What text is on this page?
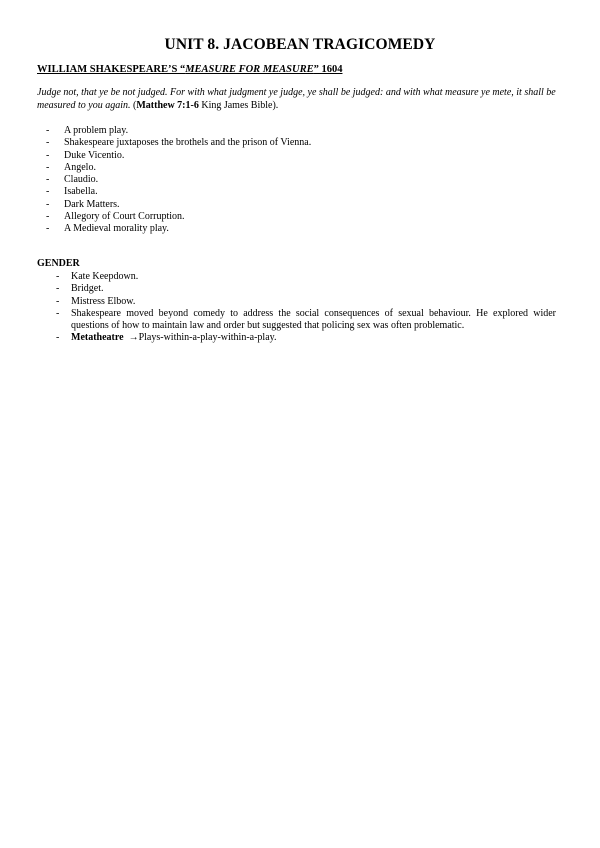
UNIT 8. JACOBEAN TRAGICOMEDY
WILLIAM SHAKESPEARE’S “MEASURE FOR MEASURE” 1604
Judge not, that ye be not judged. For with what judgment ye judge, ye shall be judged: and with what measure ye mete, it shall be measured to you again. (Matthew 7:1-6 King James Bible).
- A problem play.
- Shakespeare juxtaposes the brothels and the prison of Vienna.
- Duke Vicentio.
- Angelo.
- Claudio.
- Isabella.
- Dark Matters.
- Allegory of Court Corruption.
- A Medieval morality play.
GENDER
- Kate Keepdown.
- Bridget.
- Mistress Elbow.
- Shakespeare moved beyond comedy to address the social consequences of sexual behaviour. He explored wider questions of how to maintain law and order but suggested that policing sex was often problematic.
- Metatheatre →Plays-within-a-play-within-a-play.
